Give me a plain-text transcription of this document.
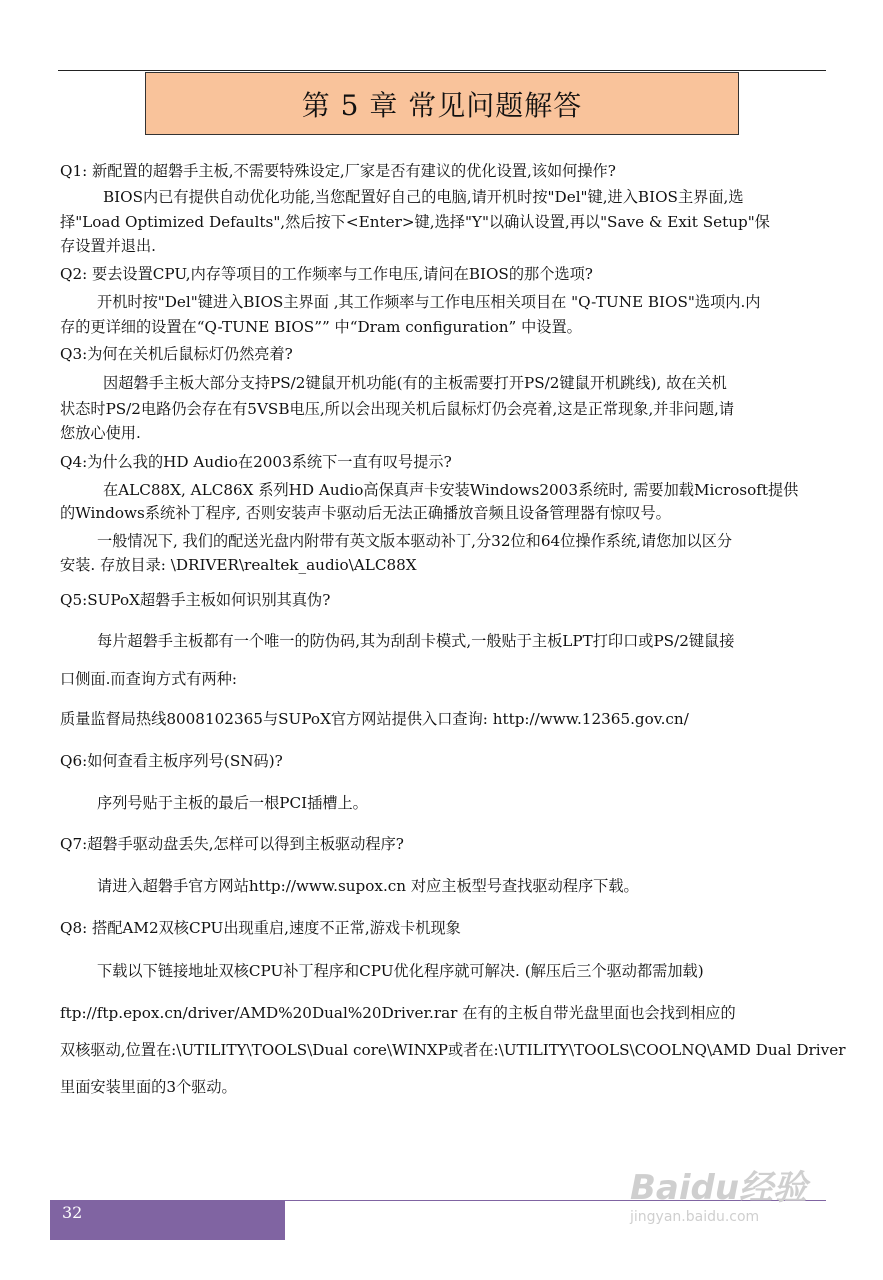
第 5 章 常见问题解答
Q1: 新配置的超磐手主板,不需要特殊设定,厂家是否有建议的优化设置,该如何操作?
BIOS内已有提供自动优化功能,当您配置好自己的电脑,请开机时按"Del"键,进入BIOS主界面,选
择"Load Optimized Defaults",然后按下<Enter>键,选择"Y"以确认设置,再以"Save & Exit Setup"保
存设置并退出.
Q2: 要去设置CPU,内存等项目的工作频率与工作电压,请问在BIOS的那个选项?
开机时按"Del"键进入BIOS主界面 ,其工作频率与工作电压相关项目在 "Q-TUNE BIOS"选项内.内
存的更详细的设置在“Q-TUNE BIOS”” 中“Dram configuration” 中设置。
Q3:为何在关机后鼠标灯仍然亮着?
因超磐手主板大部分支持PS/2键鼠开机功能(有的主板需要打开PS/2键鼠开机跳线), 故在关机
状态时PS/2电路仍会存在有5VSB电压,所以会出现关机后鼠标灯仍会亮着,这是正常现象,并非问题,请
您放心使用.
Q4:为什么我的HD Audio在2003系统下一直有叹号提示?
在ALC88X, ALC86X 系列HD Audio高保真声卡安装Windows2003系统时, 需要加载Microsoft提供
的Windows系统补丁程序, 否则安装声卡驱动后无法正确播放音频且设备管理器有惊叹号。
一般情况下, 我们的配送光盘内附带有英文版本驱动补丁,分32位和64位操作系统,请您加以区分
安装. 存放目录: \DRIVER\realtek_audio\ALC88X
Q5:SUPoX超磐手主板如何识别其真伪?
每片超磐手主板都有一个唯一的防伪码,其为刮刮卡模式,一般贴于主板LPT打印口或PS/2键鼠接
口侧面.而查询方式有两种:
质量监督局热线8008102365与SUPoX官方网站提供入口查询: http://www.12365.gov.cn/
Q6:如何查看主板序列号(SN码)?
序列号贴于主板的最后一根PCI插槽上。
Q7:超磐手驱动盘丢失,怎样可以得到主板驱动程序?
请进入超磐手官方网站http://www.supox.cn 对应主板型号查找驱动程序下载。
Q8: 搭配AM2双核CPU出现重启,速度不正常,游戏卡机现象
下载以下链接地址双核CPU补丁程序和CPU优化程序就可解决. (解压后三个驱动都需加载)
ftp://ftp.epox.cn/driver/AMD%20Dual%20Driver.rar 在有的主板自带光盘里面也会找到相应的
双核驱动,位置在:\UTILITY\TOOLS\Dual core\WINXP或者在:\UTILITY\TOOLS\COOLNQ\AMD Dual Driver
里面安装里面的3个驱动。
32
Baidu经验
jingyan.baidu.com
